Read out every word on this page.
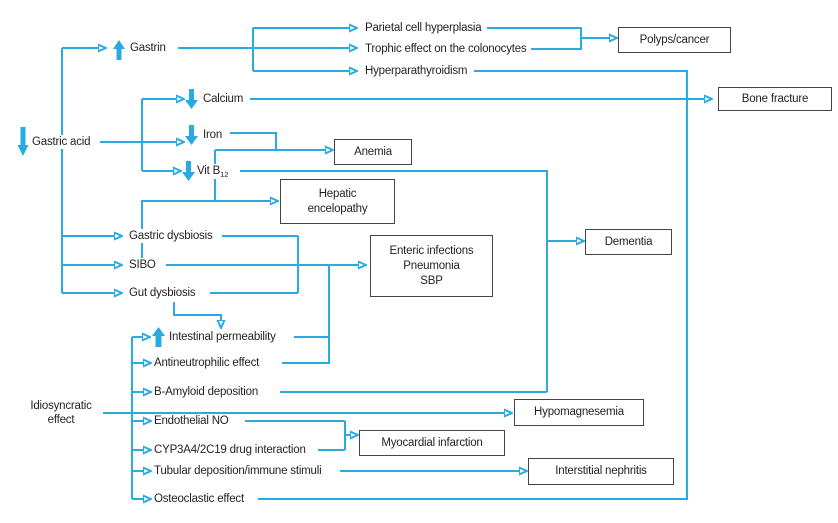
Gastric acid
Gastrin
Parietal cell hyperplasia
Trophic effect on the colonocytes
Hyperparathyroidism
Calcium
Iron
Vit $B_{12}$
Gastric dysbiosis
SIBO
Gut dysbiosis
Intestinal permeability
Antineutrophilic effect
B-Amyloid deposition
Endothelial NO
CYP3A4/2C19 drug interaction
Tubular deposition/immune stimuli
Osteoclastic effect
Idiosyncratic
effect
Polyps/cancer
Bone fracture
Anemia
Hepatic
encelopathy
Enteric infections
Pneumonia
SBP
Dementia
Hypomagnesemia
Myocardial infarction
Interstitial nephritis
